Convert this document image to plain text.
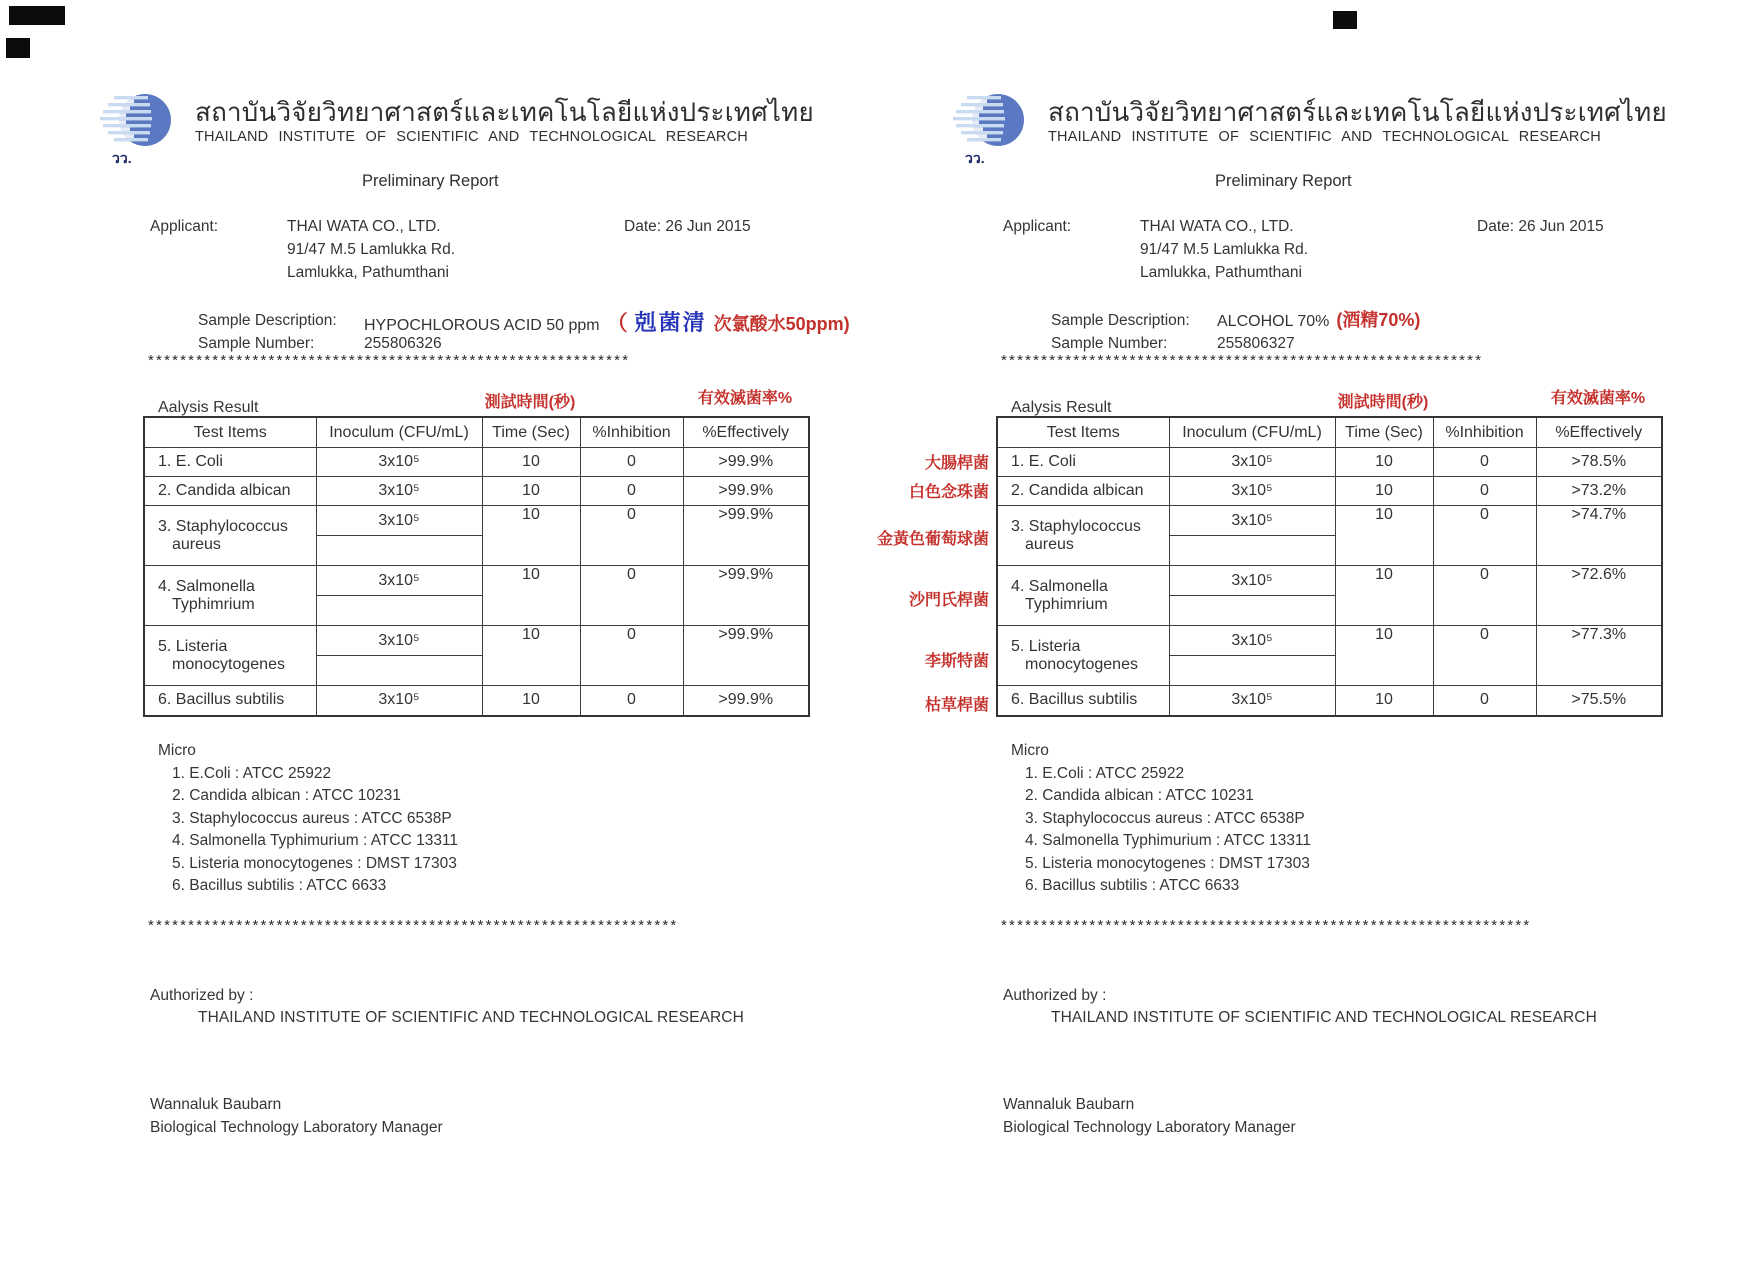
วว.
สถาบันวิจัยวิทยาศาสตร์และเทคโนโลยีแห่งประเทศไทย
THAILAND INSTITUTE OF SCIENTIFIC AND TECHNOLOGICAL RESEARCH
Preliminary Report
Applicant:	THAI WATA CO., LTD.	Date: 26 Jun 2015
91/47 M.5 Lamlukka Rd.
Lamlukka, Pathumthani
Sample Description: HYPOCHLOROUS ACID 50 ppm （ 剋菌清 次氯酸水50ppm)
Sample Number:	255806326
************************************************************
Aalysis Result	測試時間(秒)	有效滅菌率%
Test Items	Inoculum (CFU/mL)	Time (Sec)	%Inhibition	%Effectively

1. E. Coli	3x10⁵	10	0	>99.9%

2. Candida albican	3x10⁵	10	0	>99.9%

3. Staphylococcus
aureus	3x10⁵	10	0	>99.9%

4. Salmonella
Typhimrium	3x10⁵	10	0	>99.9%

5. Listeria
monocytogenes	3x10⁵	10	0	>99.9%

6. Bacillus subtilis	3x10⁵	10	0	>99.9%
Micro
1. E.Coli : ATCC 25922
2. Candida albican : ATCC 10231
3. Staphylococcus aureus : ATCC 6538P
4. Salmonella Typhimurium : ATCC 13311
5. Listeria monocytogenes : DMST 17303
6. Bacillus subtilis : ATCC 6633
******************************************************************
Authorized by :
THAILAND INSTITUTE OF SCIENTIFIC AND TECHNOLOGICAL RESEARCH
Wannaluk Baubarn
Biological Technology Laboratory Manager
วว.
สถาบันวิจัยวิทยาศาสตร์และเทคโนโลยีแห่งประเทศไทย
THAILAND INSTITUTE OF SCIENTIFIC AND TECHNOLOGICAL RESEARCH
Preliminary Report
Applicant:	THAI WATA CO., LTD.	Date: 26 Jun 2015
91/47 M.5 Lamlukka Rd.
Lamlukka, Pathumthani
Sample Description: ALCOHOL 70% (酒精70%)
Sample Number:	255806327
************************************************************
Aalysis Result	測試時間(秒)	有效滅菌率%
大腸桿菌
白色念珠菌
金黃色葡萄球菌
沙門氏桿菌
李斯特菌
枯草桿菌
Test Items	Inoculum (CFU/mL)	Time (Sec)	%Inhibition	%Effectively

1. E. Coli	3x10⁵	10	0	>78.5%

2. Candida albican	3x10⁵	10	0	>73.2%

3. Staphylococcus
aureus	3x10⁵	10	0	>74.7%

4. Salmonella
Typhimrium	3x10⁵	10	0	>72.6%

5. Listeria
monocytogenes	3x10⁵	10	0	>77.3%

6. Bacillus subtilis	3x10⁵	10	0	>75.5%
Micro
1. E.Coli : ATCC 25922
2. Candida albican : ATCC 10231
3. Staphylococcus aureus : ATCC 6538P
4. Salmonella Typhimurium : ATCC 13311
5. Listeria monocytogenes : DMST 17303
6. Bacillus subtilis : ATCC 6633
******************************************************************
Authorized by :
THAILAND INSTITUTE OF SCIENTIFIC AND TECHNOLOGICAL RESEARCH
Wannaluk Baubarn
Biological Technology Laboratory Manager
